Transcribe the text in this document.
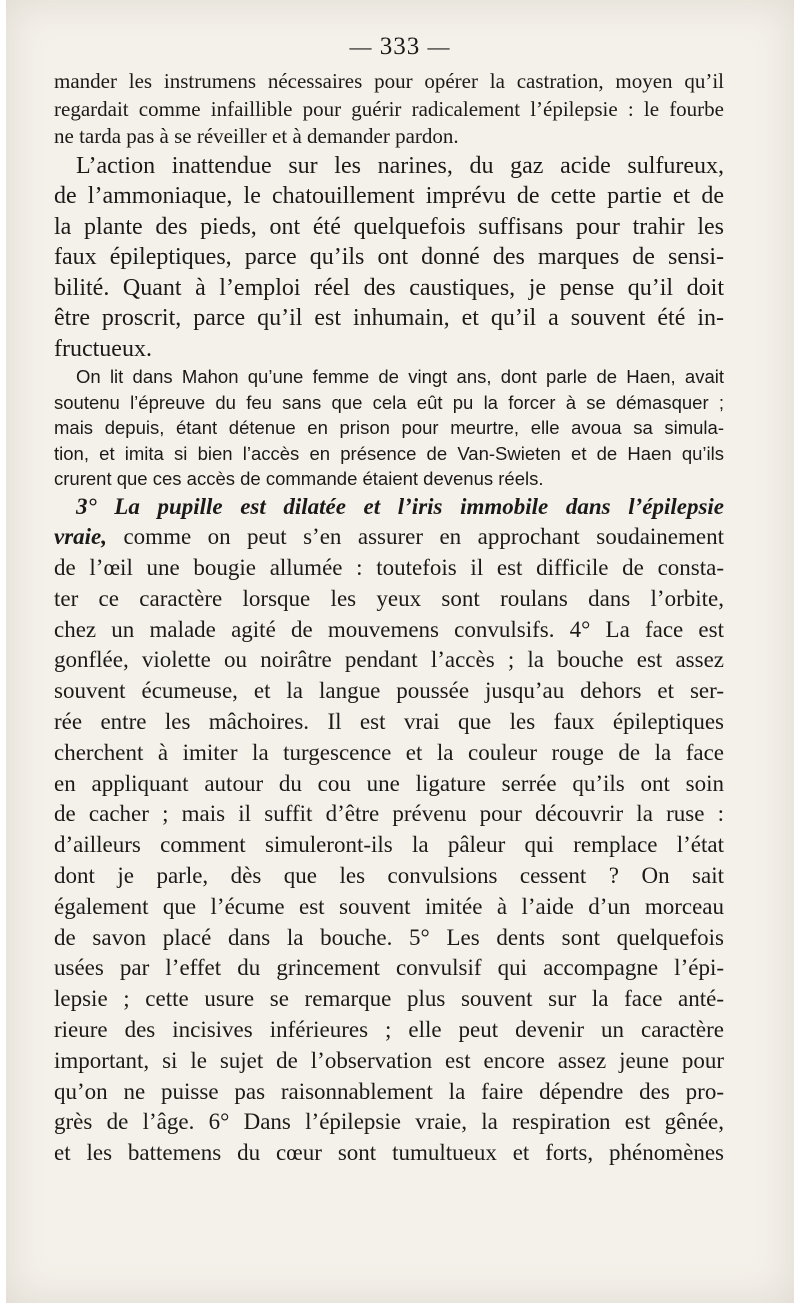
— 333 —

mander les instrumens nécessaires pour opérer la castration, moyen qu’il
regardait comme infaillible pour guérir radicalement l’épilepsie : le fourbe
ne tarda pas à se réveiller et à demander pardon.

L’action inattendue sur les narines, du gaz acide sulfureux,
de l’ammoniaque, le chatouillement imprévu de cette partie et de
la plante des pieds, ont été quelquefois suffisans pour trahir les
faux épileptiques, parce qu’ils ont donné des marques de sensi-
bilité. Quant à l’emploi réel des caustiques, je pense qu’il doit
être proscrit, parce qu’il est inhumain, et qu’il a souvent été in-
fructueux.

On lit dans Mahon qu’une femme de vingt ans, dont parle de Haen, avait
soutenu l’épreuve du feu sans que cela eût pu la forcer à se démasquer ;
mais depuis, étant détenue en prison pour meurtre, elle avoua sa simula-
tion, et imita si bien l’accès en présence de Van-Swieten et de Haen qu’ils
crurent que ces accès de commande étaient devenus réels.

3° La pupille est dilatée et l’iris immobile dans l’épilepsie
vraie, comme on peut s’en assurer en approchant soudainement
de l’œil une bougie allumée : toutefois il est difficile de consta-
ter ce caractère lorsque les yeux sont roulans dans l’orbite,
chez un malade agité de mouvemens convulsifs. 4° La face est
gonflée, violette ou noirâtre pendant l’accès ; la bouche est assez
souvent écumeuse, et la langue poussée jusqu’au dehors et ser-
rée entre les mâchoires. Il est vrai que les faux épileptiques
cherchent à imiter la turgescence et la couleur rouge de la face
en appliquant autour du cou une ligature serrée qu’ils ont soin
de cacher ; mais il suffit d’être prévenu pour découvrir la ruse :
d’ailleurs comment simuleront-ils la pâleur qui remplace l’état
dont je parle, dès que les convulsions cessent ? On sait
également que l’écume est souvent imitée à l’aide d’un morceau
de savon placé dans la bouche. 5° Les dents sont quelquefois
usées par l’effet du grincement convulsif qui accompagne l’épi-
lepsie ; cette usure se remarque plus souvent sur la face anté-
rieure des incisives inférieures ; elle peut devenir un caractère
important, si le sujet de l’observation est encore assez jeune pour
qu’on ne puisse pas raisonnablement la faire dépendre des pro-
grès de l’âge. 6° Dans l’épilepsie vraie, la respiration est gênée,
et les battemens du cœur sont tumultueux et forts, phénomènes
